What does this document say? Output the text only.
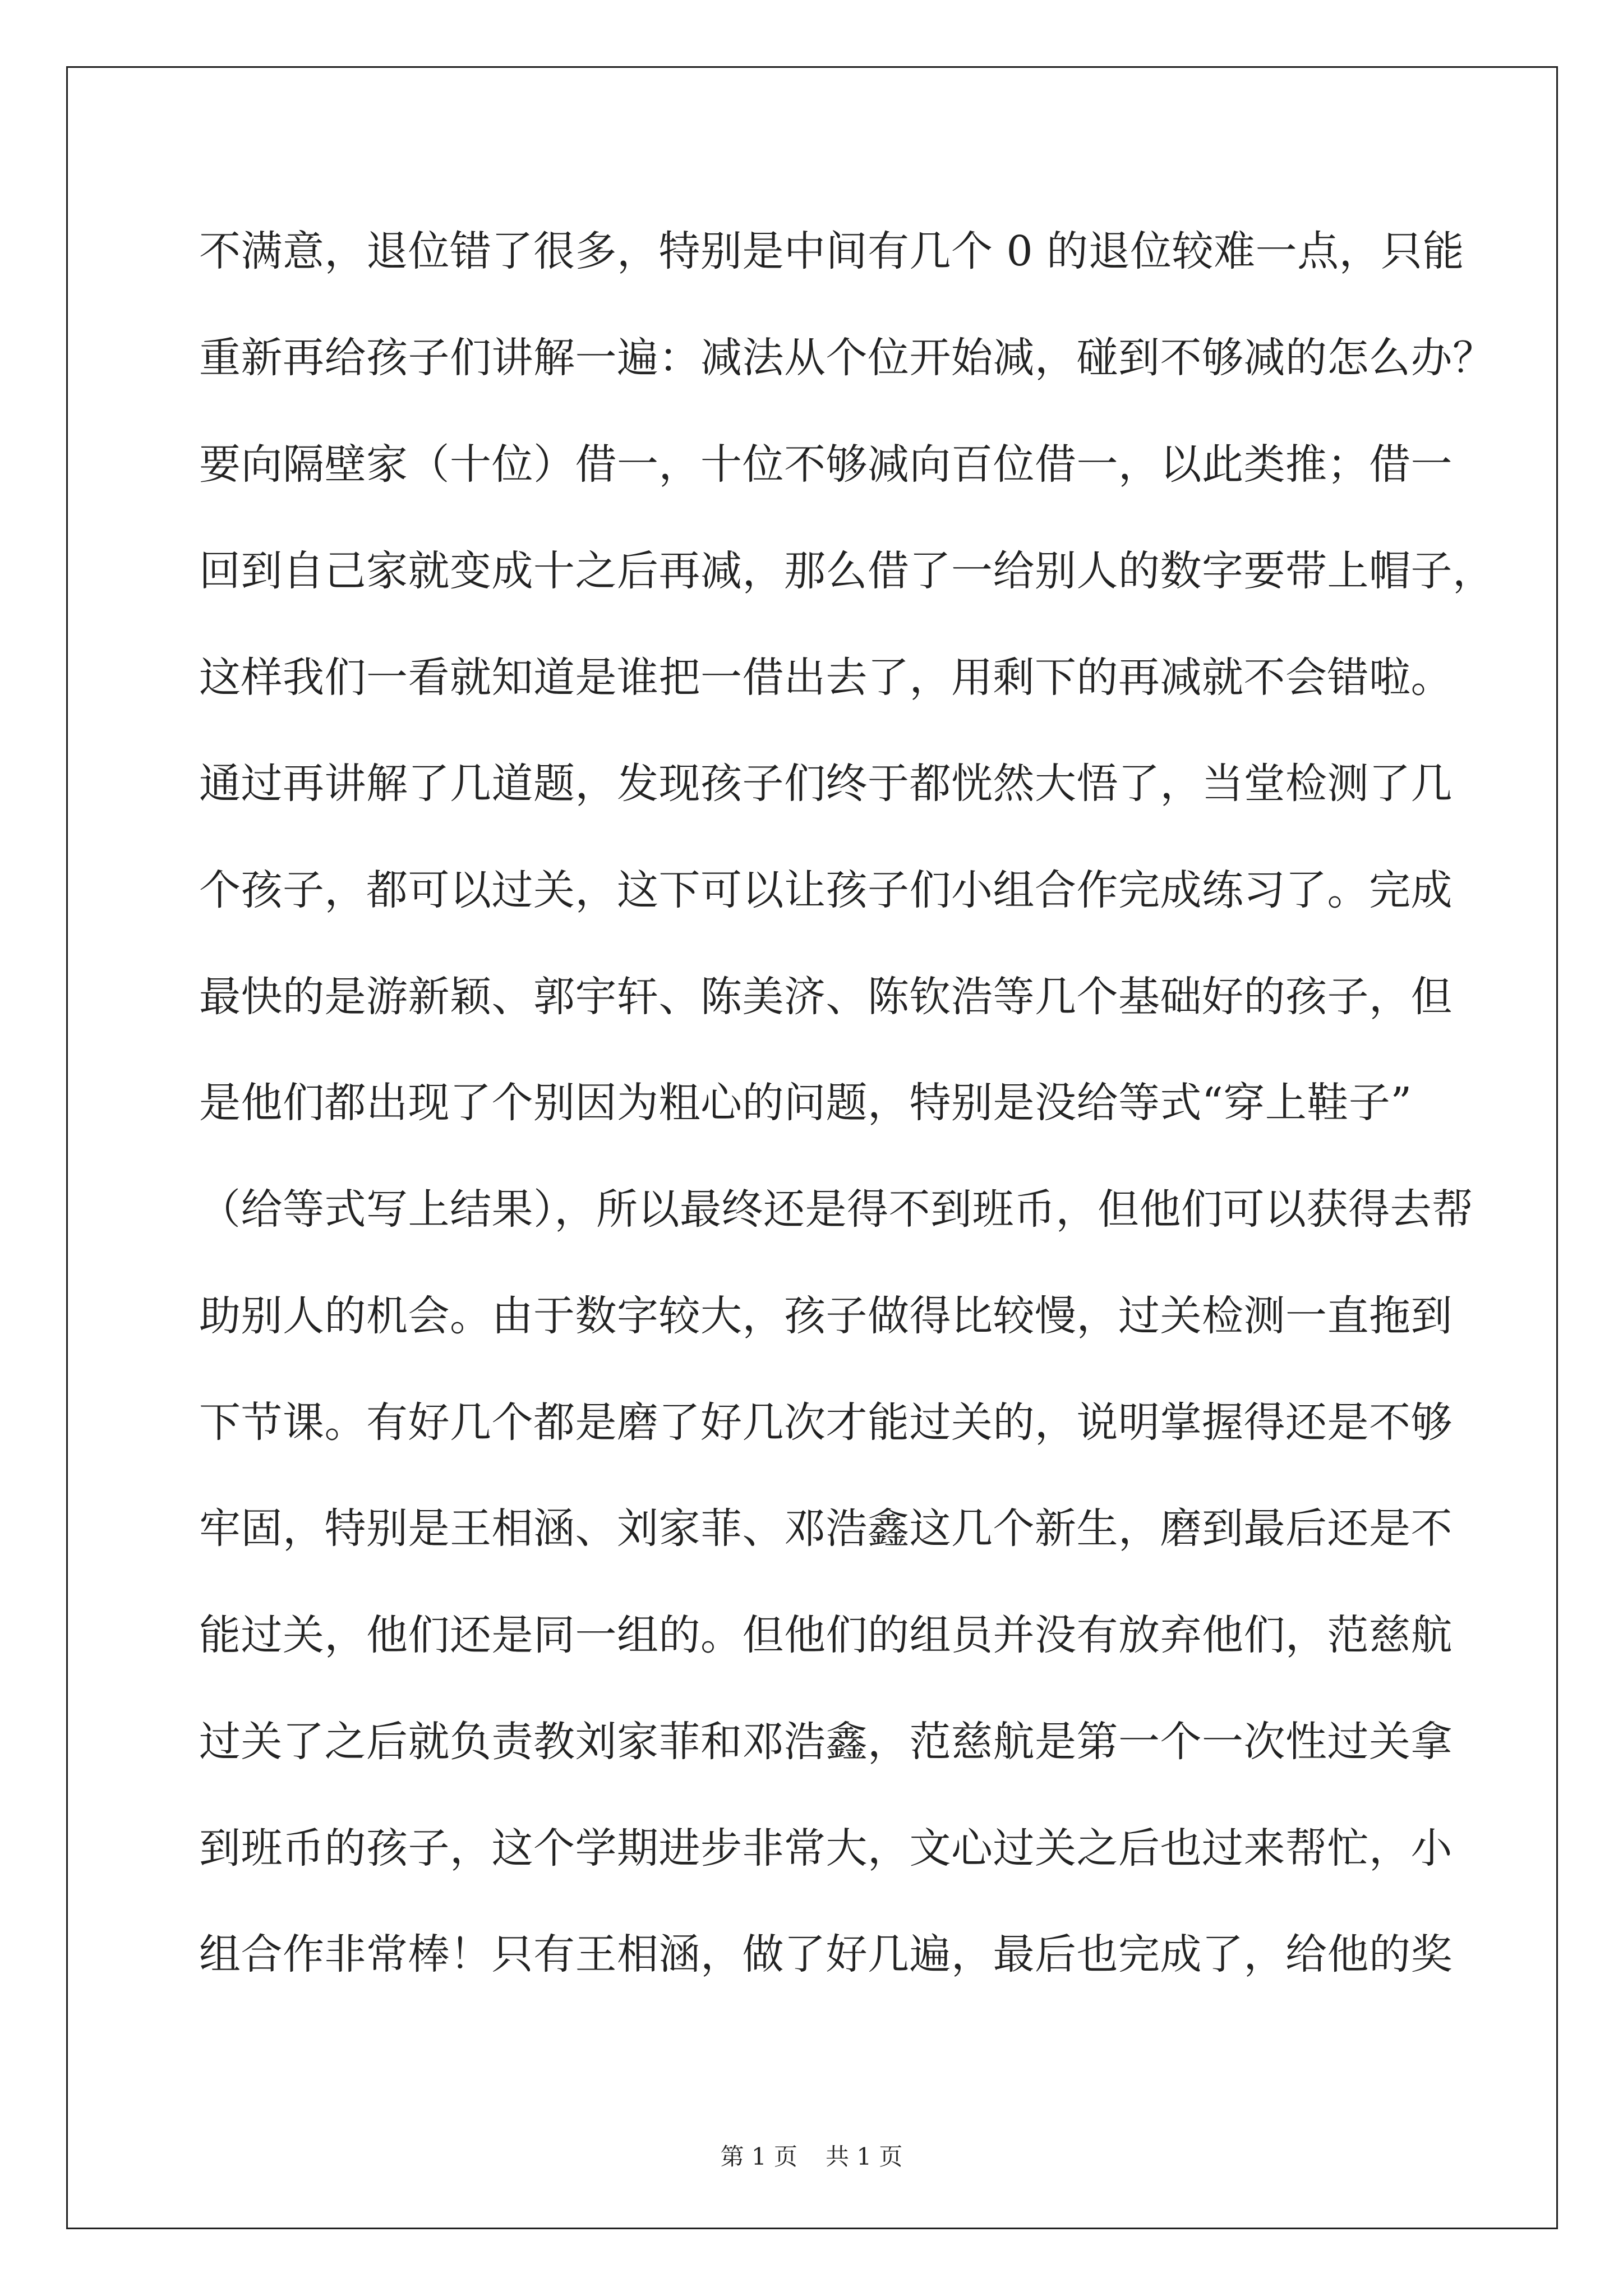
不满意，退位错了很多，特别是中间有几个 0 的退位较难一点，只能

重新再给孩子们讲解一遍：减法从个位开始减，碰到不够减的怎么办？

要向隔壁家（十位）借一，十位不够减向百位借一，以此类推；借一

回到自己家就变成十之后再减，那么借了一给别人的数字要带上帽子，

这样我们一看就知道是谁把一借出去了，用剩下的再减就不会错啦。

通过再讲解了几道题，发现孩子们终于都恍然大悟了，当堂检测了几

个孩子，都可以过关，这下可以让孩子们小组合作完成练习了。完成

最快的是游新颖、郭宇轩、陈美济、陈钦浩等几个基础好的孩子，但

是他们都出现了个别因为粗心的问题，特别是没给等式“穿上鞋子”

（给等式写上结果），所以最终还是得不到班币，但他们可以获得去帮

助别人的机会。由于数字较大，孩子做得比较慢，过关检测一直拖到

下节课。有好几个都是磨了好几次才能过关的，说明掌握得还是不够

牢固，特别是王相涵、刘家菲、邓浩鑫这几个新生，磨到最后还是不

能过关，他们还是同一组的。但他们的组员并没有放弃他们，范慈航

过关了之后就负责教刘家菲和邓浩鑫，范慈航是第一个一次性过关拿

到班币的孩子，这个学期进步非常大，文心过关之后也过来帮忙，小

组合作非常棒！只有王相涵，做了好几遍，最后也完成了，给他的奖

第 1 页 共 1 页
